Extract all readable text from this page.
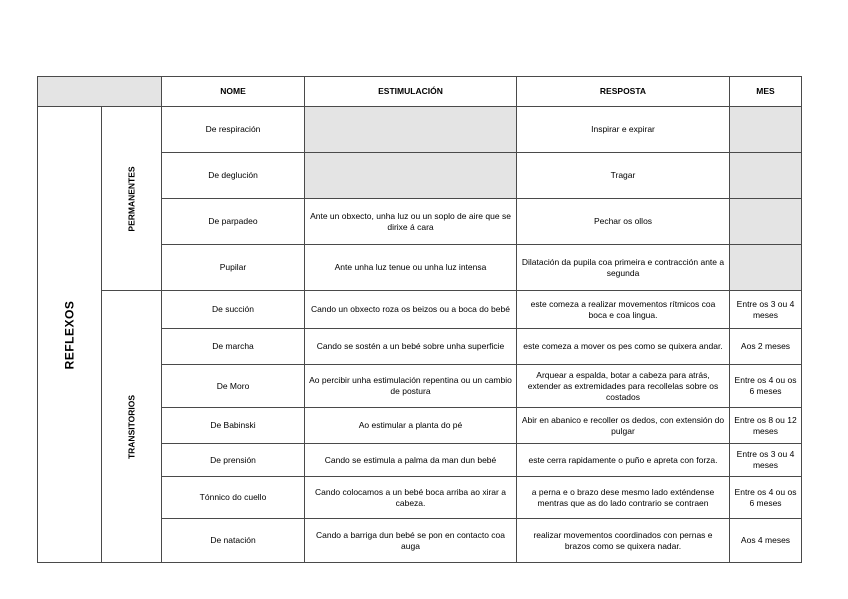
		NOME	ESTIMULACIÓN	RESPOSTA	MES

REFLEXOS	PERMANENTES	De respiración		Inspirar e expirar	
		De deglución		Tragar	
		De parpadeo	Ante un obxecto, unha luz ou un soplo de aire que se dirixe á cara	Pechar os ollos	
		Pupilar	Ante unha luz tenue ou unha luz intensa	Dilatación da pupila coa primeira e contracción ante a segunda	

	TRANSITORIOS	De succión	Cando un obxecto roza os beizos ou a boca do bebé	este comeza a realizar movementos rítmicos coa boca e coa lingua.	Entre os 3 ou 4 meses
		De marcha	Cando se sostén a un bebé sobre unha superficie	este comeza a mover os pes como se quixera andar.	Aos 2 meses
		De Moro	Ao percibir unha estimulación repentina ou un cambio de postura	Arquear a espalda, botar a cabeza para atrás, extender as extremidades para recollelas sobre os costados	Entre os 4 ou os 6 meses
		De Babinski	Ao estimular a planta do pé	Abir en abanico e recoller os dedos, con extensión do pulgar	Entre os 8 ou 12 meses
		De prensión	Cando se estimula a palma da man dun bebé	este cerra rapidamente o puño e apreta con forza.	Entre os 3 ou 4 meses
		Tónnico do cuello	Cando colocamos a un bebé boca arriba ao xirar a cabeza.	a perna e o brazo dese mesmo lado exténdense mentras que as do lado contrario se contraen	Entre os 4 ou os 6 meses
		De natación	Cando a barriga dun bebé se pon en contacto coa auga	realizar movementos coordinados con pernas e brazos como se quixera nadar.	Aos 4 meses
